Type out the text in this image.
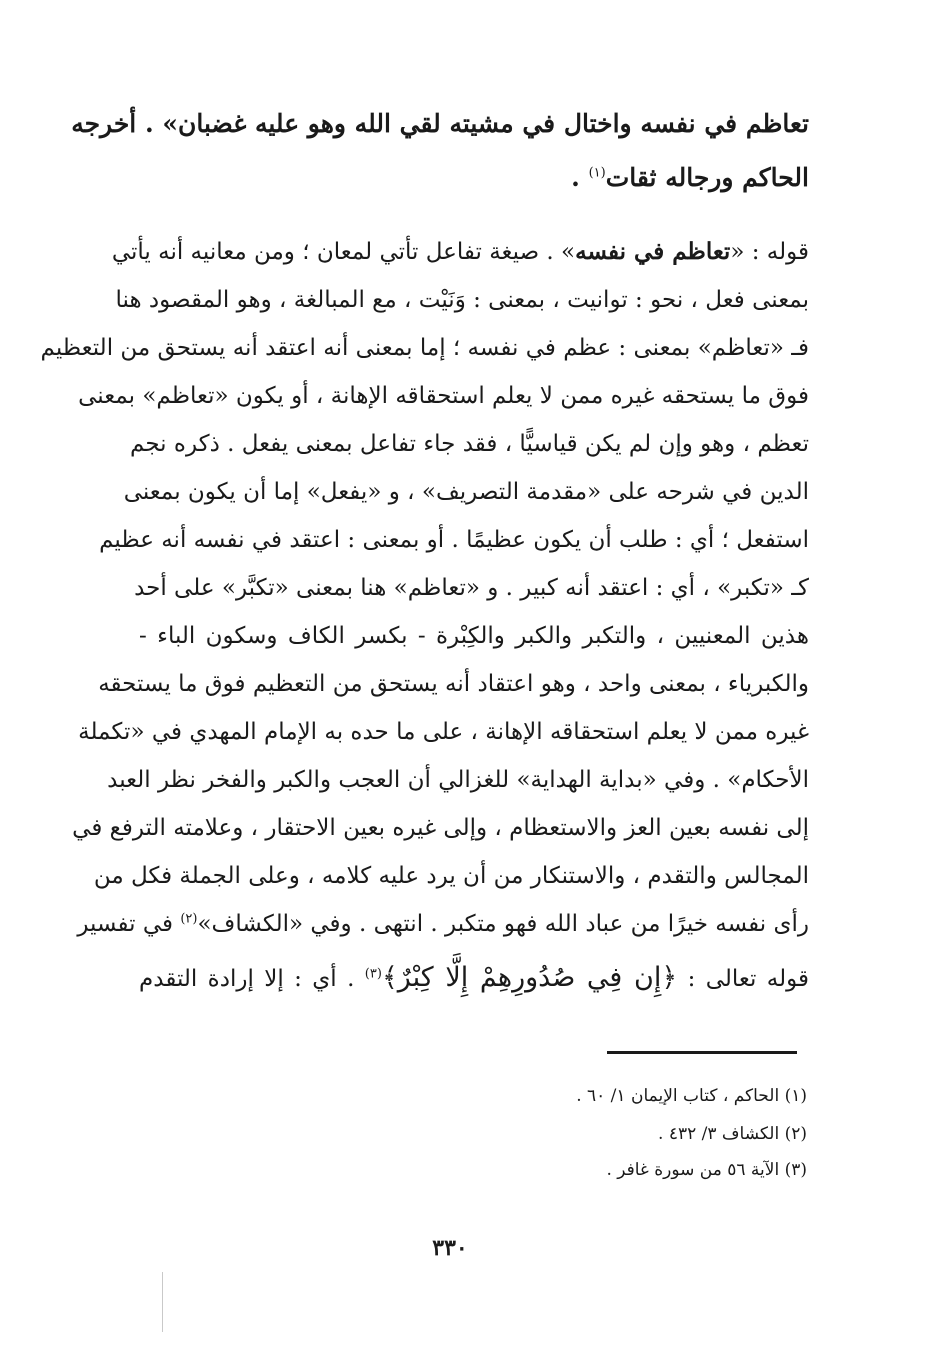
تعاظم في نفسه واختال في مشيته لقي الله وهو عليه غضبان» . أخرجه
الحاكم ورجاله ثقات$^{(١)}$ .
قوله : «تعاظم في نفسه» . صيغة تفاعل تأتي لمعان ؛ ومن معانيه أنه يأتي
بمعنى فعل ، نحو : توانيت ، بمعنى : وَنَيْت ، مع المبالغة ، وهو المقصود هنا
فـ «تعاظم» بمعنى : عظم في نفسه ؛ إما بمعنى أنه اعتقد أنه يستحق من التعظيم
فوق ما يستحقه غيره ممن لا يعلم استحقاقه الإهانة ، أو يكون «تعاظم» بمعنى
تعظم ، وهو وإن لم يكن قياسيًّا ، فقد جاء تفاعل بمعنى يفعل . ذكره نجم
الدين في شرحه على «مقدمة التصريف» ، و «يفعل» إما أن يكون بمعنى
استفعل ؛ أي : طلب أن يكون عظيمًا . أو بمعنى : اعتقد في نفسه أنه عظيم
كـ «تكبر» ، أي : اعتقد أنه كبير . و «تعاظم» هنا بمعنى «تكبَّر» على أحد
هذين المعنيين ، والتكبر والكبر والكِبْرة - بكسر الكاف وسكون الباء -
والكبرياء ، بمعنى واحد ، وهو اعتقاد أنه يستحق من التعظيم فوق ما يستحقه
غيره ممن لا يعلم استحقاقه الإهانة ، على ما حده به الإمام المهدي في «تكملة
الأحكام» . وفي «بداية الهداية» للغزالي أن العجب والكبر والفخر نظر العبد
إلى نفسه بعين العز والاستعظام ، وإلى غيره بعين الاحتقار ، وعلامته الترفع في
المجالس والتقدم ، والاستنكار من أن يرد عليه كلامه ، وعلى الجملة فكل من
رأى نفسه خيرًا من عباد الله فهو متكبر . انتهى . وفي «الكشاف»$^{(٢)}$ في تفسير
قوله تعالى : ﴿إِن فِي صُدُورِهِمْ إِلَّا كِبْرٌ﴾$^{(٣)}$ . أي : إلا إرادة التقدم
(١) الحاكم ، كتاب الإيمان ١/ ٦٠ .
(٢) الكشاف ٣/ ٤٣٢ .
(٣) الآية ٥٦ من سورة غافر .
٣٣٠
